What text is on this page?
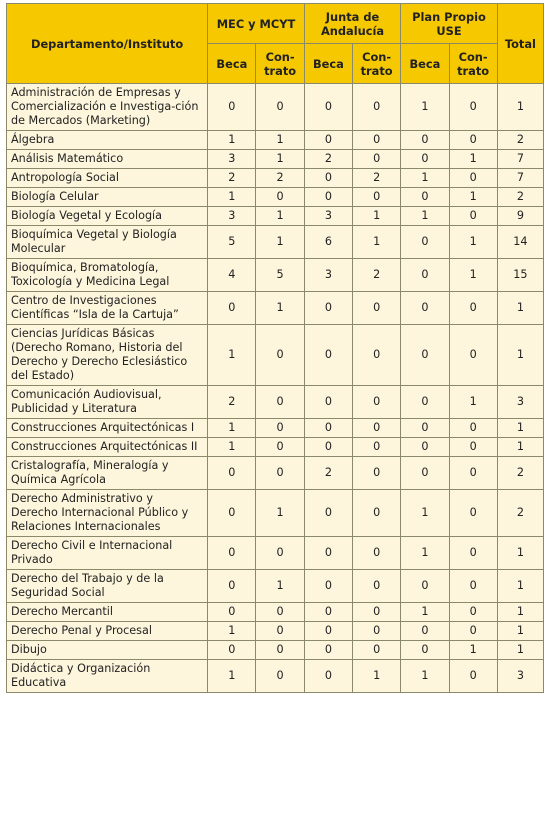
Departamento/Instituto	MEC y MCYT		Junta de Andalucía		Plan Propio USE		Total
	Beca	Con-trato	Beca	Con-trato	Beca	Con-trato	
Administración de Empresas y Comercialización e Investiga-ción de Mercados (Marketing)	0	0	0	0	1	0	1
Álgebra	1	1	0	0	0	0	2
Análisis Matemático	3	1	2	0	0	1	7
Antropología Social	2	2	0	2	1	0	7
Biología Celular	1	0	0	0	0	1	2
Biología Vegetal y Ecología	3	1	3	1	1	0	9
Bioquímica Vegetal y Biología Molecular	5	1	6	1	0	1	14
Bioquímica, Bromatología, Toxicología y Medicina Legal	4	5	3	2	0	1	15
Centro de Investigaciones Científicas “Isla de la Cartuja”	0	1	0	0	0	0	1
Ciencias Jurídicas Básicas (Derecho Romano, Historia del Derecho y Derecho Eclesiástico del Estado)	1	0	0	0	0	0	1
Comunicación Audiovisual, Publicidad y Literatura	2	0	0	0	0	1	3
Construcciones Arquitectónicas I	1	0	0	0	0	0	1
Construcciones Arquitectónicas II	1	0	0	0	0	0	1
Cristalografía, Mineralogía y Química Agrícola	0	0	2	0	0	0	2
Derecho Administrativo y Derecho Internacional Público y Relaciones Internacionales	0	1	0	0	1	0	2
Derecho Civil e Internacional Privado	0	0	0	0	1	0	1
Derecho del Trabajo y de la Seguridad Social	0	1	0	0	0	0	1
Derecho Mercantil	0	0	0	0	1	0	1
Derecho Penal y Procesal	1	0	0	0	0	0	1
Dibujo	0	0	0	0	0	1	1
Didáctica y Organización Educativa	1	0	0	1	1	0	3
